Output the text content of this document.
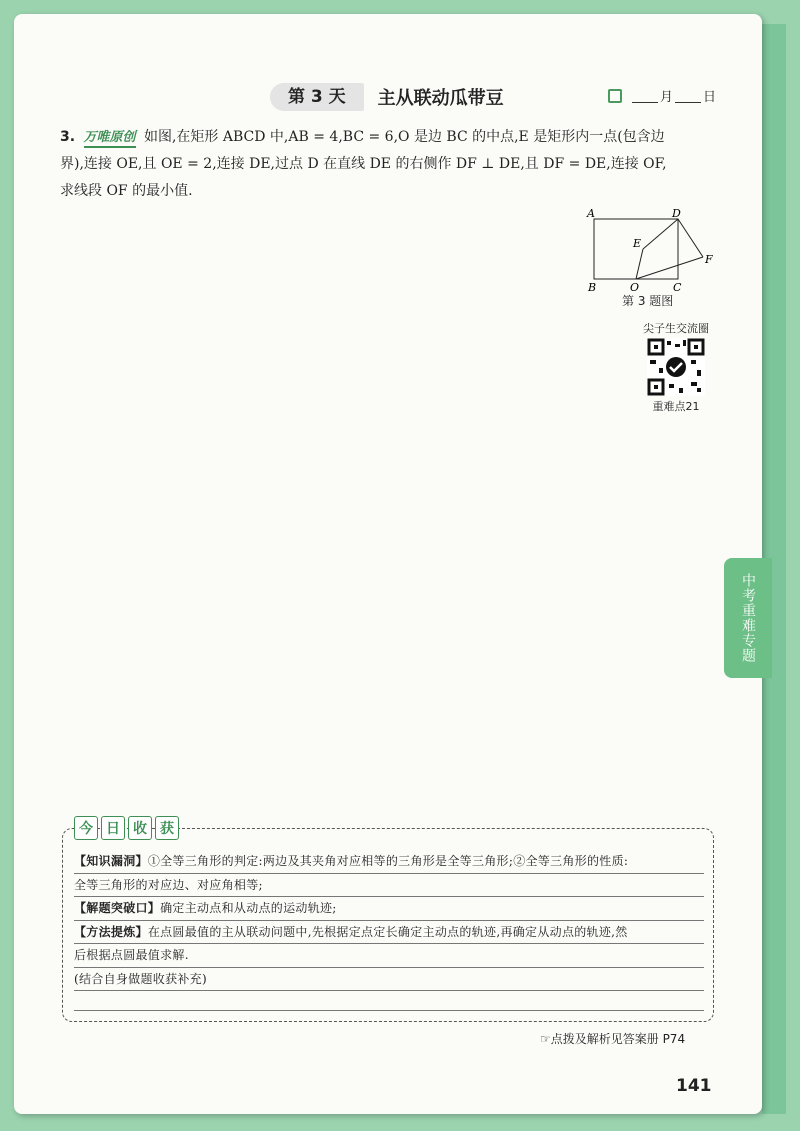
第 3 天	主从联动瓜带豆	月 日
3. 万唯原创 如图,在矩形 ABCD 中,AB = 4,BC = 6,O 是边 BC 的中点,E 是矩形内一点(包含边
界),连接 OE,且 OE = 2,连接 DE,过点 D 在直线 DE 的右侧作 DF ⊥ DE,且 DF = DE,连接 OF,
求线段 OF 的最小值.
A	D
E
F
B	O	C
第 3 题图
尖子生交流圈
重难点21
中考重难专题
今 日 收 获
【知识漏洞】①全等三角形的判定:两边及其夹角对应相等的三角形是全等三角形;②全等三角形的性质:
全等三角形的对应边、对应角相等;
【解题突破口】确定主动点和从动点的运动轨迹;
【方法提炼】在点圆最值的主从联动问题中,先根据定点定长确定主动点的轨迹,再确定从动点的轨迹,然
后根据点圆最值求解.
(结合自身做题收获补充)
☞点拨及解析见答案册 P74
141
